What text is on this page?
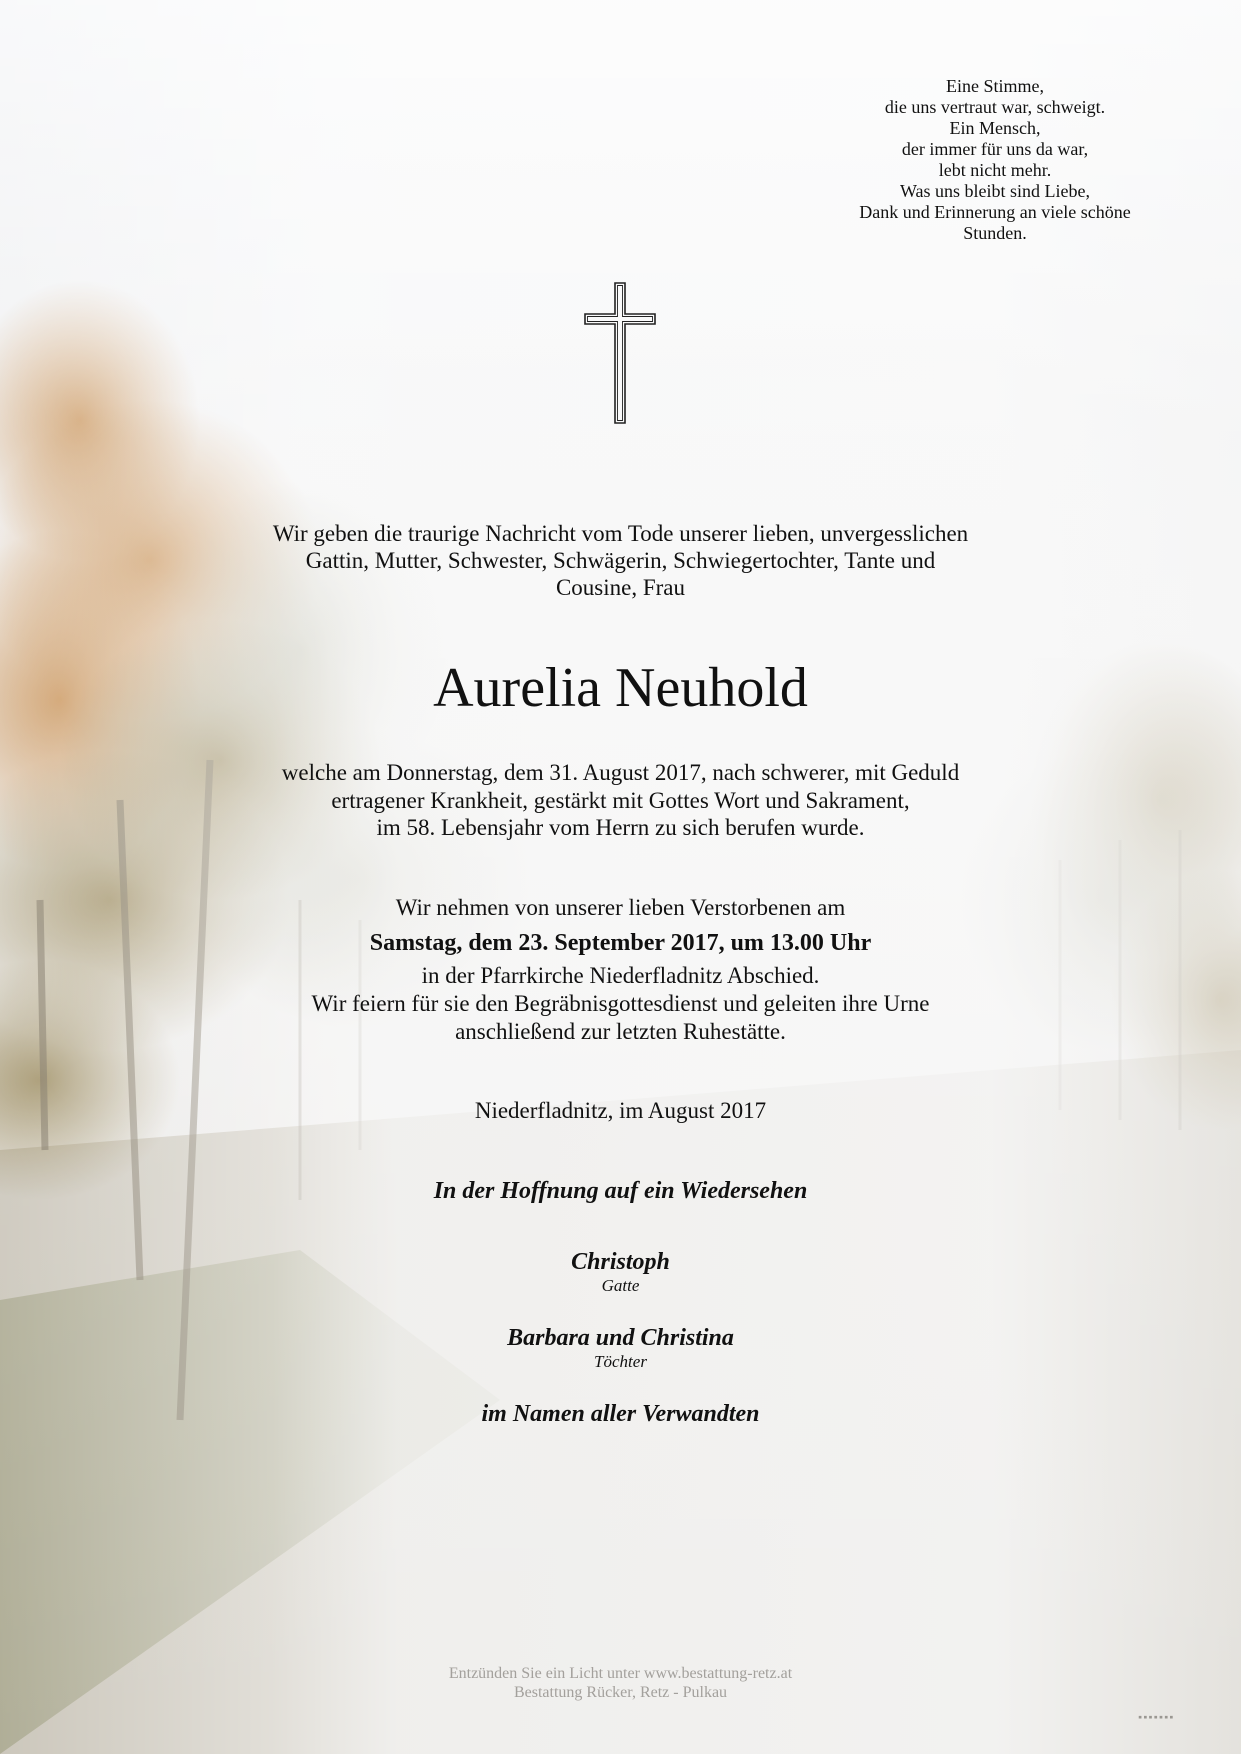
Eine Stimme,
die uns vertraut war, schweigt.
Ein Mensch,
der immer für uns da war,
lebt nicht mehr.
Was uns bleibt sind Liebe,
Dank und Erinnerung an viele schöne
Stunden.
Wir geben die traurige Nachricht vom Tode unserer lieben, unvergesslichen
Gattin, Mutter, Schwester, Schwägerin, Schwiegertochter, Tante und
Cousine, Frau
Aurelia Neuhold
welche am Donnerstag, dem 31. August 2017, nach schwerer, mit Geduld
ertragener Krankheit, gestärkt mit Gottes Wort und Sakrament,
im 58. Lebensjahr vom Herrn zu sich berufen wurde.
Wir nehmen von unserer lieben Verstorbenen am
Samstag, dem 23. September 2017, um 13.00 Uhr
in der Pfarrkirche Niederfladnitz Abschied.
Wir feiern für sie den Begräbnisgottesdienst und geleiten ihre Urne
anschließend zur letzten Ruhestätte.
Niederfladnitz, im August 2017
In der Hoffnung auf ein Wiedersehen
Christoph
Gatte
Barbara und Christina
Töchter
im Namen aller Verwandten
Entzünden Sie ein Licht unter www.bestattung-retz.at
Bestattung Rücker, Retz - Pulkau
▪▪▪▪▪▪▪
